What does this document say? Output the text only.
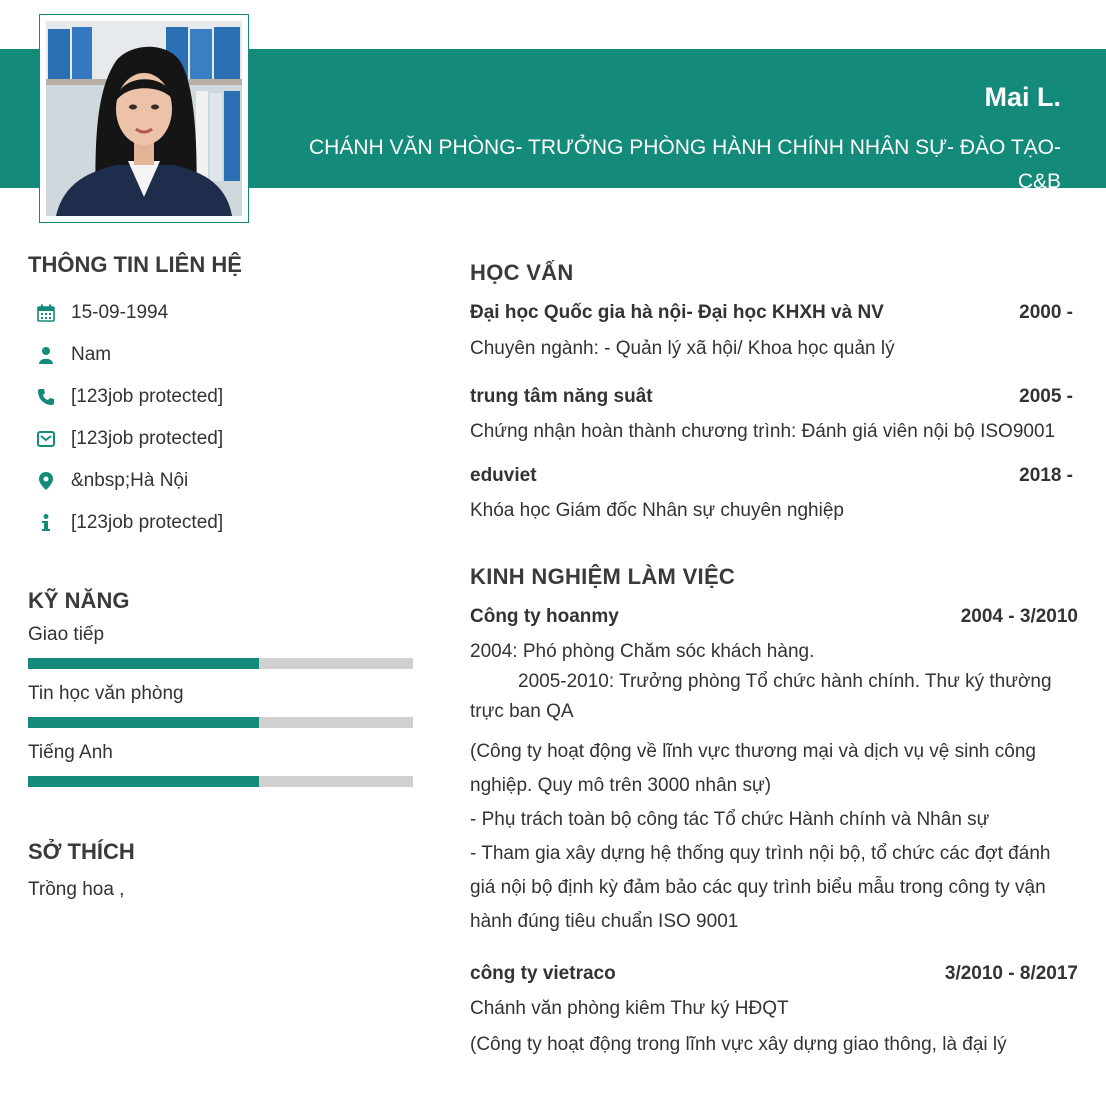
Mai L.
CHÁNH VĂN PHÒNG- TRƯỞNG PHÒNG HÀNH CHÍNH NHÂN SỰ- ĐÀO TẠO- C&B
THÔNG TIN LIÊN HỆ
15-09-1994
Nam
[123job protected]
[123job protected]
&nbsp;Hà Nội
[123job protected]
KỸ NĂNG
Giao tiếp
Tin học văn phòng
Tiếng Anh
SỞ THÍCH
Trồng hoa ,
HỌC VẤN
Đại học Quốc gia hà nội- Đại học KHXH và NV	2000 -
Chuyên ngành: - Quản lý xã hội/ Khoa học quản lý
trung tâm năng suât	2005 -
Chứng nhận hoàn thành chương trình: Đánh giá viên nội bộ ISO9001
eduviet	2018 -
Khóa học Giám đốc Nhân sự chuyên nghiệp
KINH NGHIỆM LÀM VIỆC
Công ty hoanmy	2004 - 3/2010
2004: Phó phòng Chăm sóc khách hàng.
2005-2010: Trưởng phòng Tổ chức hành chính. Thư ký thường trực ban QA
(Công ty hoạt động về lĩnh vực thương mại và dịch vụ vệ sinh công nghiệp. Quy mô trên 3000 nhân sự)
- Phụ trách toàn bộ công tác Tổ chức Hành chính và Nhân sự
- Tham gia xây dựng hệ thống quy trình nội bộ, tổ chức các đợt đánh giá nội bộ định kỳ đảm bảo các quy trình biểu mẫu trong công ty vận hành đúng tiêu chuẩn ISO 9001
công ty vietraco	3/2010 - 8/2017
Chánh văn phòng kiêm Thư ký HĐQT
(Công ty hoạt động trong lĩnh vực xây dựng giao thông, là đại lý
